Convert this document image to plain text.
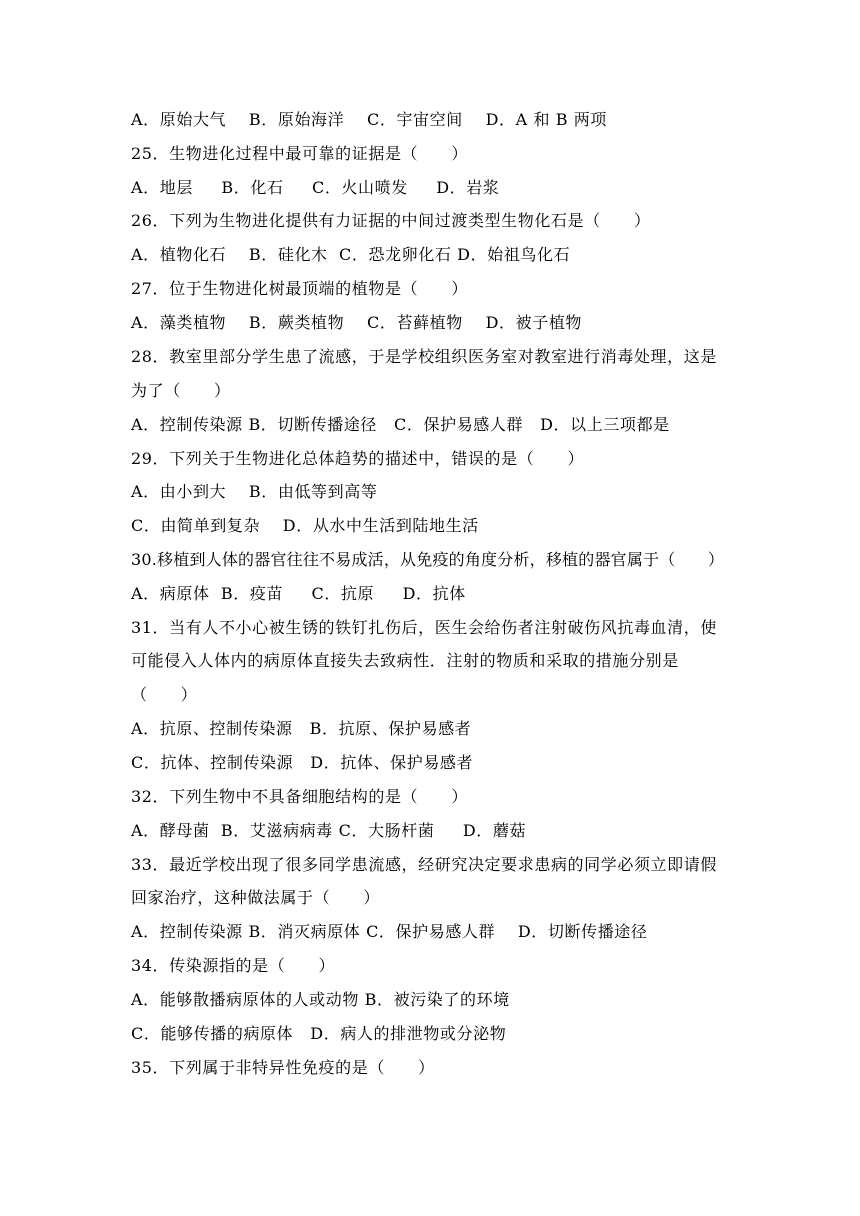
A．原始大气    B．原始海洋    C．宇宙空间    D．A 和 B 两项
25．生物进化过程中最可靠的证据是（　　）
A．地层     B．化石     C．火山喷发     D．岩浆
26．下列为生物进化提供有力证据的中间过渡类型生物化石是（　　）
A．植物化石    B．硅化木  C．恐龙卵化石 D．始祖鸟化石
27．位于生物进化树最顶端的植物是（　　）
A．藻类植物    B．蕨类植物    C．苔藓植物    D．被子植物
28．教室里部分学生患了流感，于是学校组织医务室对教室进行消毒处理，这是
为了（　　）
A．控制传染源 B．切断传播途径   C．保护易感人群   D．以上三项都是
29．下列关于生物进化总体趋势的描述中，错误的是（　　）
A．由小到大    B．由低等到高等
C．由简单到复杂    D．从水中生活到陆地生活
30.移植到人体的器官往往不易成活，从免疫的角度分析，移植的器官属于（　　）
A．病原体  B．疫苗     C．抗原     D．抗体
31．当有人不小心被生锈的铁钉扎伤后，医生会给伤者注射破伤风抗毒血清，使
可能侵入人体内的病原体直接失去致病性．注射的物质和采取的措施分别是
（　　）
A．抗原、控制传染源   B．抗原、保护易感者
C．抗体、控制传染源   D．抗体、保护易感者
32．下列生物中不具备细胞结构的是（　　）
A．酵母菌  B．艾滋病病毒 C．大肠杆菌     D．蘑菇
33．最近学校出现了很多同学患流感，经研究决定要求患病的同学必须立即请假
回家治疗，这种做法属于（　　）
A．控制传染源 B．消灭病原体 C．保护易感人群    D．切断传播途径
34．传染源指的是（　　）
A．能够散播病原体的人或动物 B．被污染了的环境
C．能够传播的病原体   D．病人的排泄物或分泌物
35．下列属于非特异性免疫的是（　　）
